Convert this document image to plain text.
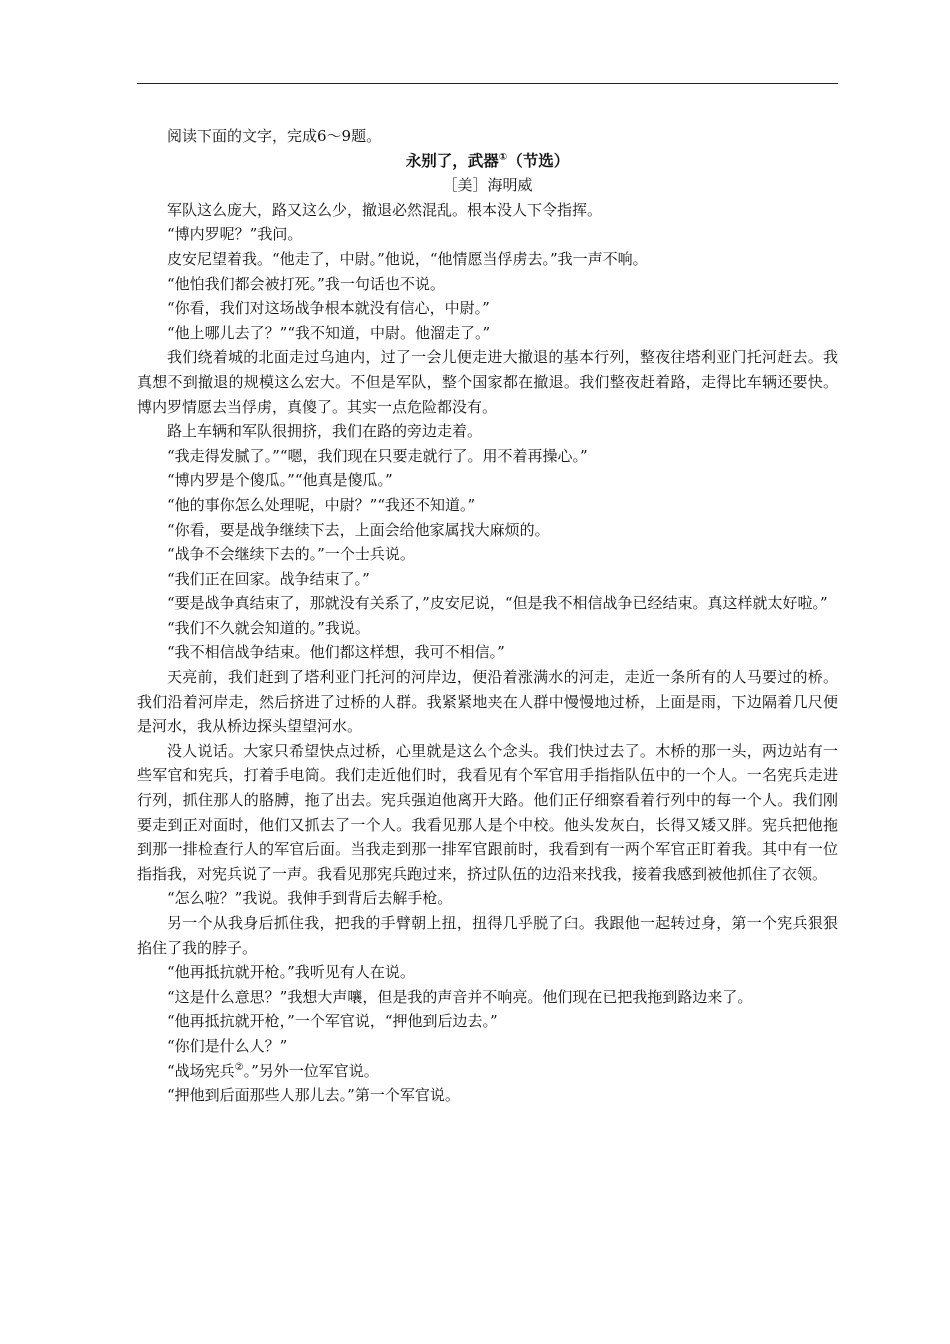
阅读下面的文字，完成6～9题。

永别了，武器①（节选）

［美］海明威

军队这么庞大，路又这么少，撤退必然混乱。根本没人下令指挥。

“博内罗呢？”我问。

皮安尼望着我。“他走了，中尉。”他说，“他情愿当俘虏去。”我一声不响。

“他怕我们都会被打死。”我一句话也不说。

“你看，我们对这场战争根本就没有信心，中尉。”

“他上哪儿去了？”“我不知道，中尉。他溜走了。”

我们绕着城的北面走过乌迪内，过了一会儿便走进大撤退的基本行列，整夜往塔利亚门托河赶去。我真想不到撤退的规模这么宏大。不但是军队，整个国家都在撤退。我们整夜赶着路，走得比车辆还要快。博内罗情愿去当俘虏，真傻了。其实一点危险都没有。

路上车辆和军队很拥挤，我们在路的旁边走着。

“我走得发腻了。”“嗯，我们现在只要走就行了。用不着再操心。”

“博内罗是个傻瓜。”“他真是傻瓜。”

“他的事你怎么处理呢，中尉？”“我还不知道。”

“你看，要是战争继续下去，上面会给他家属找大麻烦的。

“战争不会继续下去的。”一个士兵说。

“我们正在回家。战争结束了。”

“要是战争真结束了，那就没有关系了，”皮安尼说，“但是我不相信战争已经结束。真这样就太好啦。”

“我们不久就会知道的。”我说。

“我不相信战争结束。他们都这样想，我可不相信。”

天亮前，我们赶到了塔利亚门托河的河岸边，便沿着涨满水的河走，走近一条所有的人马要过的桥。我们沿着河岸走，然后挤进了过桥的人群。我紧紧地夹在人群中慢慢地过桥，上面是雨，下边隔着几尺便是河水，我从桥边探头望望河水。

没人说话。大家只希望快点过桥，心里就是这么个念头。我们快过去了。木桥的那一头，两边站有一些军官和宪兵，打着手电筒。我们走近他们时，我看见有个军官用手指指队伍中的一个人。一名宪兵走进行列，抓住那人的胳膊，拖了出去。宪兵强迫他离开大路。他们正仔细察看着行列中的每一个人。我们刚要走到正对面时，他们又抓去了一个人。我看见那人是个中校。他头发灰白，长得又矮又胖。宪兵把他拖到那一排检查行人的军官后面。当我走到那一排军官跟前时，我看到有一两个军官正盯着我。其中有一位指指我，对宪兵说了一声。我看见那宪兵跑过来，挤过队伍的边沿来找我，接着我感到被他抓住了衣领。

“怎么啦？”我说。我伸手到背后去解手枪。

另一个从我身后抓住我，把我的手臂朝上扭，扭得几乎脱了臼。我跟他一起转过身，第一个宪兵狠狠掐住了我的脖子。

“他再抵抗就开枪。”我听见有人在说。

“这是什么意思？”我想大声嚷，但是我的声音并不响亮。他们现在已把我拖到路边来了。

“他再抵抗就开枪，”一个军官说，“押他到后边去。”

“你们是什么人？”

“战场宪兵②。”另外一位军官说。

“押他到后面那些人那儿去。”第一个军官说。
